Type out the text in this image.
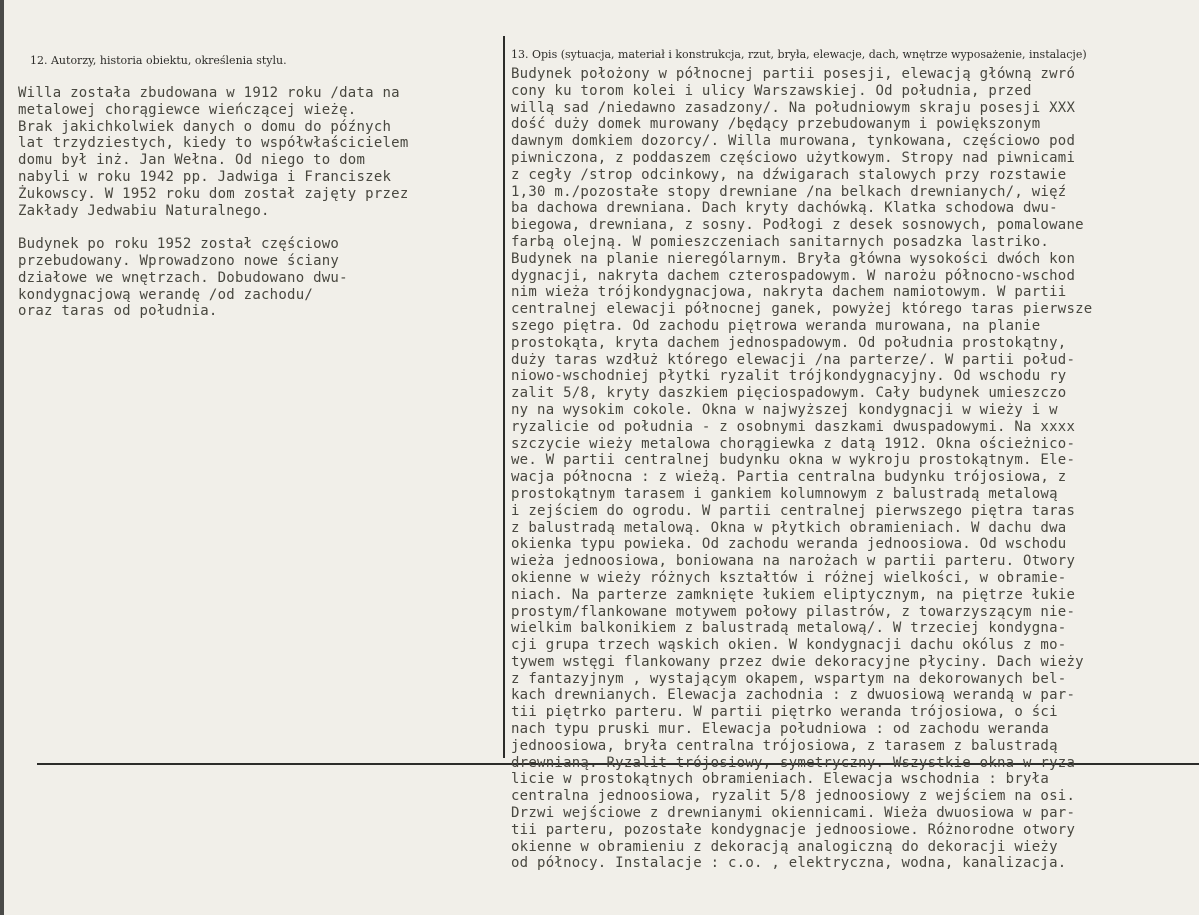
12. Autorzy, historia obiektu, określenia stylu.	13. Opis (sytuacja, materiał i konstrukcja, rzut, bryła, elewacje, dach, wnętrze wyposażenie, instalacje)
Willa została zbudowana w 1912 roku /data na
metalowej chorągiewce wieńczącej wieżę.
Brak jakichkolwiek danych o domu do późnych
lat trzydziestych, kiedy to współwłaścicielem
domu był inż. Jan Wełna. Od niego to dom
nabyli w roku 1942 pp. Jadwiga i Franciszek
Żukowscy. W 1952 roku dom został zajęty przez
Zakłady Jedwabiu Naturalnego.

Budynek po roku 1952 został częściowo
przebudowany. Wprowadzono nowe ściany
działowe we wnętrzach. Dobudowano dwu-
kondygnacjową werandę /od zachodu/
oraz taras od południa.
Budynek położony w północnej partii posesji, elewacją główną zwró
cony ku torom kolei i ulicy Warszawskiej. Od południa, przed
willą sad /niedawno zasadzony/. Na południowym skraju posesji XXX
dość duży domek murowany /będący przebudowanym i powiększonym
dawnym domkiem dozorcy/. Willa murowana, tynkowana, częściowo pod
piwniczona, z poddaszem częściowo użytkowym. Stropy nad piwnicami
z cegły /strop odcinkowy, na dźwigarach stalowych przy rozstawie
1,30 m./pozostałe stopy drewniane /na belkach drewnianych/, więź
ba dachowa drewniana. Dach kryty dachówką. Klatka schodowa dwu-
biegowa, drewniana, z sosny. Podłogi z desek sosnowych, pomalowane
farbą olejną. W pomieszczeniach sanitarnych posadzka lastriko.
Budynek na planie nierególarnym. Bryła główna wysokości dwóch kon
dygnacji, nakryta dachem czterospadowym. W narożu północno-wschod
nim wieża trójkondygnacjowa, nakryta dachem namiotowym. W partii
centralnej elewacji północnej ganek, powyżej którego taras pierwsze
szego piętra. Od zachodu piętrowa weranda murowana, na planie
prostokąta, kryta dachem jednospadowym. Od południa prostokątny,
duży taras wzdłuż którego elewacji /na parterze/. W partii połud-
niowo-wschodniej płytki ryzalit trójkondygnacyjny. Od wschodu ry
zalit 5/8, kryty daszkiem pięciospadowym. Cały budynek umieszczo
ny na wysokim cokole. Okna w najwyższej kondygnacji w wieży i w
ryzalicie od południa - z osobnymi daszkami dwuspadowymi. Na xxxx
szczycie wieży metalowa chorągiewka z datą 1912. Okna ościeżnico-
we. W partii centralnej budynku okna w wykroju prostokątnym. Ele-
wacja północna : z wieżą. Partia centralna budynku trójosiowa, z
prostokątnym tarasem i gankiem kolumnowym z balustradą metalową
i zejściem do ogrodu. W partii centralnej pierwszego piętra taras
z balustradą metalową. Okna w płytkich obramieniach. W dachu dwa
okienka typu powieka. Od zachodu weranda jednoosiowa. Od wschodu
wieża jednoosiowa, boniowana na narożach w partii parteru. Otwory
okienne w wieży różnych kształtów i różnej wielkości, w obramie-
niach. Na parterze zamknięte łukiem eliptycznym, na piętrze łukie
prostym/flankowane motywem połowy pilastrów, z towarzyszącym nie-
wielkim balkonikiem z balustradą metalową/. W trzeciej kondygna-
cji grupa trzech wąskich okien. W kondygnacji dachu okólus z mo-
tywem wstęgi flankowany przez dwie dekoracyjne płyciny. Dach wieży
z fantazyjnym , wystającym okapem, wspartym na dekorowanych bel-
kach drewnianych. Elewacja zachodnia : z dwuosiową werandą w par-
tii piętrko parteru. W partii piętrko weranda trójosiowa, o ści
nach typu pruski mur. Elewacja południowa : od zachodu weranda
jednoosiowa, bryła centralna trójosiowa, z tarasem z balustradą
drewnianą. Ryzalit trójosiowy, symetryczny. Wszystkie okna w ryza
licie w prostokątnych obramieniach. Elewacja wschodnia : bryła
centralna jednoosiowa, ryzalit 5/8 jednoosiowy z wejściem na osi.
Drzwi wejściowe z drewnianymi okiennicami. Wieża dwuosiowa w par-
tii parteru, pozostałe kondygnacje jednoosiowe. Różnorodne otwory
okienne w obramieniu z dekoracją analogiczną do dekoracji wieży
od północy. Instalacje : c.o. , elektryczna, wodna, kanalizacja.
